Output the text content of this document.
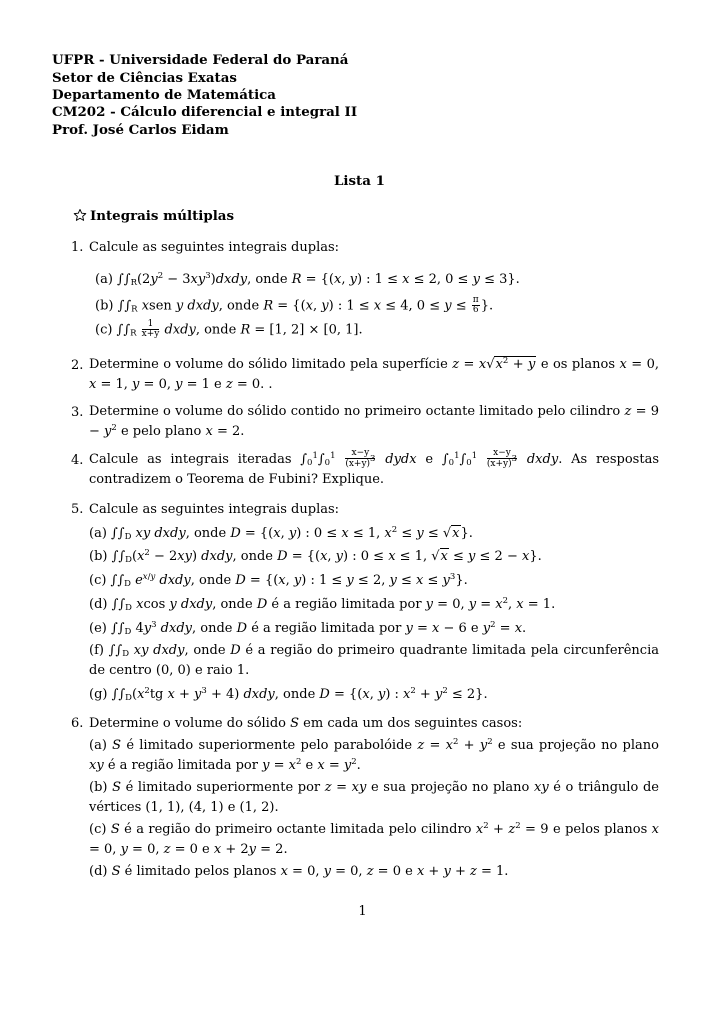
UFPR - Universidade Federal do Paraná
Setor de Ciências Exatas
Departamento de Matemática
CM202 - Cálculo diferencial e integral II
Prof. José Carlos Eidam
Lista 1
Integrais múltiplas
1. Calcule as seguintes integrais duplas:
(a) $\int\int_R(2y^2$ − $3xy^3)dxdy$, onde R = {(x, y) : 1 ≤ x ≤ 2, 0 ≤ y ≤ 3}.
(b) $\int\int_R$ xsen y dxdy, onde R = {(x, y) : 1 ≤ x ≤ 4, $0 \le y \le \frac{\pi}{6}$ }.
(c) $\int\int_R \frac{1}{x+y}$ dxdy, onde R = [1, 2] × [0, 1].
2. Determine o volume do sólido limitado pela superfície $z = x√x^2 + y$ e os planos x = 0, x = 1, y = 0, y = 1 e z = 0. .
3. Determine o volume do sólido contido no primeiro octante limitado pelo cilindro $z = 9 - y^2$ e pelo plano x = 2.
4. Calcule as integrais iteradas $\int_0^1\int_0^1 \frac{x-y}{(x+y)^3}$ dydx e $\int_0^1\int_0^1 \frac{x-y}{(x+y)^3}$ dxdy. As respostas contradizem o Teorema de Fubini? Explique.
5. Calcule as seguintes integrais duplas:
(a) $\int\int_D$ xy dxdy, onde D = {(x, y) : 0 ≤ x ≤ 1, $x^2 \le y \le √x$}.
(b) $\int\int_D(x^2 - 2xy)$ dxdy, onde D = {(x, y) : 0 ≤ x ≤ 1, √x ≤ y ≤ 2 − x}.
(c) $\int\int_D$ $e^{x/y}$ dxdy, onde D = {(x, y) : 1 ≤ y ≤ 2, $y \le x \le y^3$}.
(d) $\int\int_D$ xcos y dxdy, onde D é a região limitada por y = 0, $y = x^2$, x = 1.
(e) $\int\int_D$ $4y^3$ dxdy, onde D é a região limitada por y = x − 6 e $y^2 = x$.
(f) $\int\int_D$ xy dxdy, onde D é a região do primeiro quadrante limitada pela circunferência de centro (0, 0) e raio 1.
(g) $\int\int_D(x^2tg$ $x + y^3 + 4$) dxdy, onde D = {(x, y) : $x^2 + y^2 \le 2$}.
6. Determine o volume do sólido S em cada um dos seguintes casos:
(a) S é limitado superiormente pelo parabolóide $z = x^2 + y^2$ e sua projeção no plano xy é a região limitada por $y = x^2$ e $x = y^2$.
(b) S é limitado superiormente por z = xy e sua projeção no plano xy é o triângulo de vértices (1, 1), (4, 1) e (1, 2).
(c) S é a região do primeiro octante limitada pelo cilindro $x^2 + z^2 = 9$ e pelos planos x = 0, y = 0, z = 0 e x + 2y = 2.
(d) S é limitado pelos planos x = 0, y = 0, z = 0 e x + y + z = 1.
1
